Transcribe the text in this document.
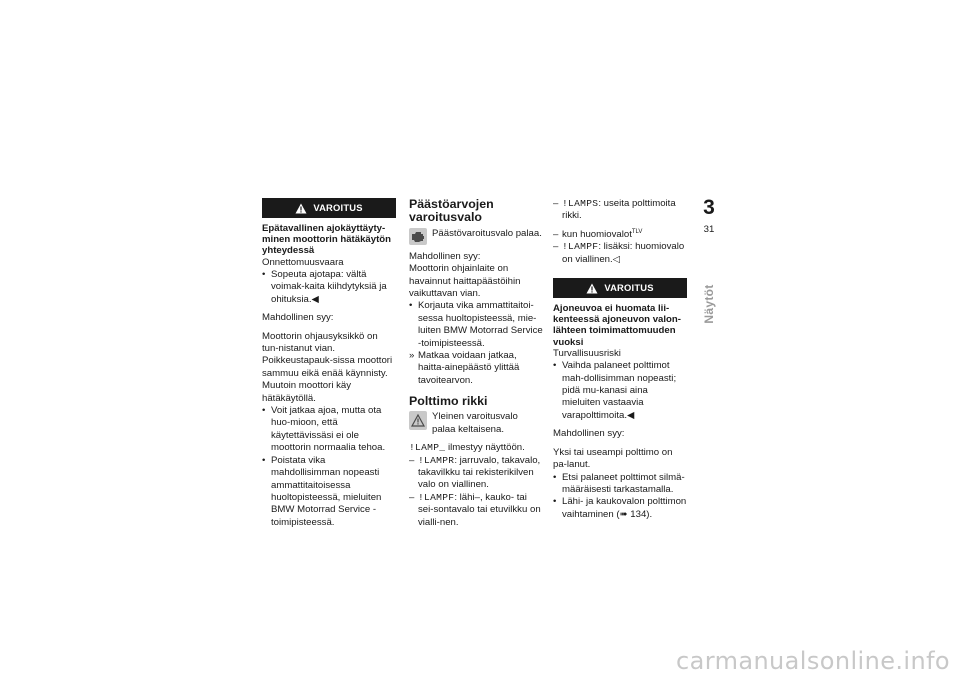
VAROITUS
Epätavallinen ajokäyttäyty-minen moottorin hätäkäytön yhteydessä

Onnettomuusvaara

• Sopeuta ajotapa: vältä voimak-kaita kiihdytyksiä ja ohituksia.◀

Mahdollinen syy:

Moottorin ohjausyksikkö on tun-nistanut vian. Poikkeustapauk-sissa moottori sammuu eikä enää käynnisty. Muutoin moottori käy hätäkäytöllä.

• Voit jatkaa ajoa, mutta ota huo-mioon, että käytettävissäsi ei ole moottorin normaalia tehoa.
• Poistata vika mahdollisimman nopeasti ammattitaitoisessa huoltopisteessä, mieluiten BMW Motorrad Service -toimipisteessä.
Päästöarvojen varoitusvalo
Päästövaroitusvalo palaa.

Mahdollinen syy:

Moottorin ohjainlaite on havainnut haittapäästöihin vaikuttavan vian.

• Korjauta vika ammattitaitoi-sessa huoltopisteessä, mie-luiten BMW Motorrad Service -toimipisteessä.
» Matkaa voidaan jatkaa, haitta-ainepäästö ylittää tavoitearvon.
Polttimo rikki
Yleinen varoitusvalo palaa keltaisena.

!LAMP_ ilmestyy näyttöön.

– !LAMPR: jarruvalo, takavalo, takavilkku tai rekisterikilven valo on viallinen.
– !LAMPF: lähi–, kauko- tai sei-sontavalo tai etuvilkku on vialli-nen.
– !LAMPS: useita polttimoita rikki.
– kun huomiovalot$^{TLV}$
– !LAMPF: lisäksi: huomiovalo on viallinen.◁
VAROITUS
Ajoneuvoa ei huomata lii-kenteessä ajoneuvon valon-lähteen toimimattomuuden vuoksi

Turvallisuusriski

• Vaihda palaneet polttimot mah-dollisimman nopeasti; pidä mu-kanasi aina mieluiten vastaavia varapolttimoita.◀

Mahdollinen syy:

Yksi tai useampi polttimo on pa-lanut.

• Etsi palaneet polttimot silmä-määräisesti tarkastamalla.
• Lähi- ja kaukovalon polttimon vaihtaminen (➠ 134).
3
31
Näytöt
carmanualsonline.info
